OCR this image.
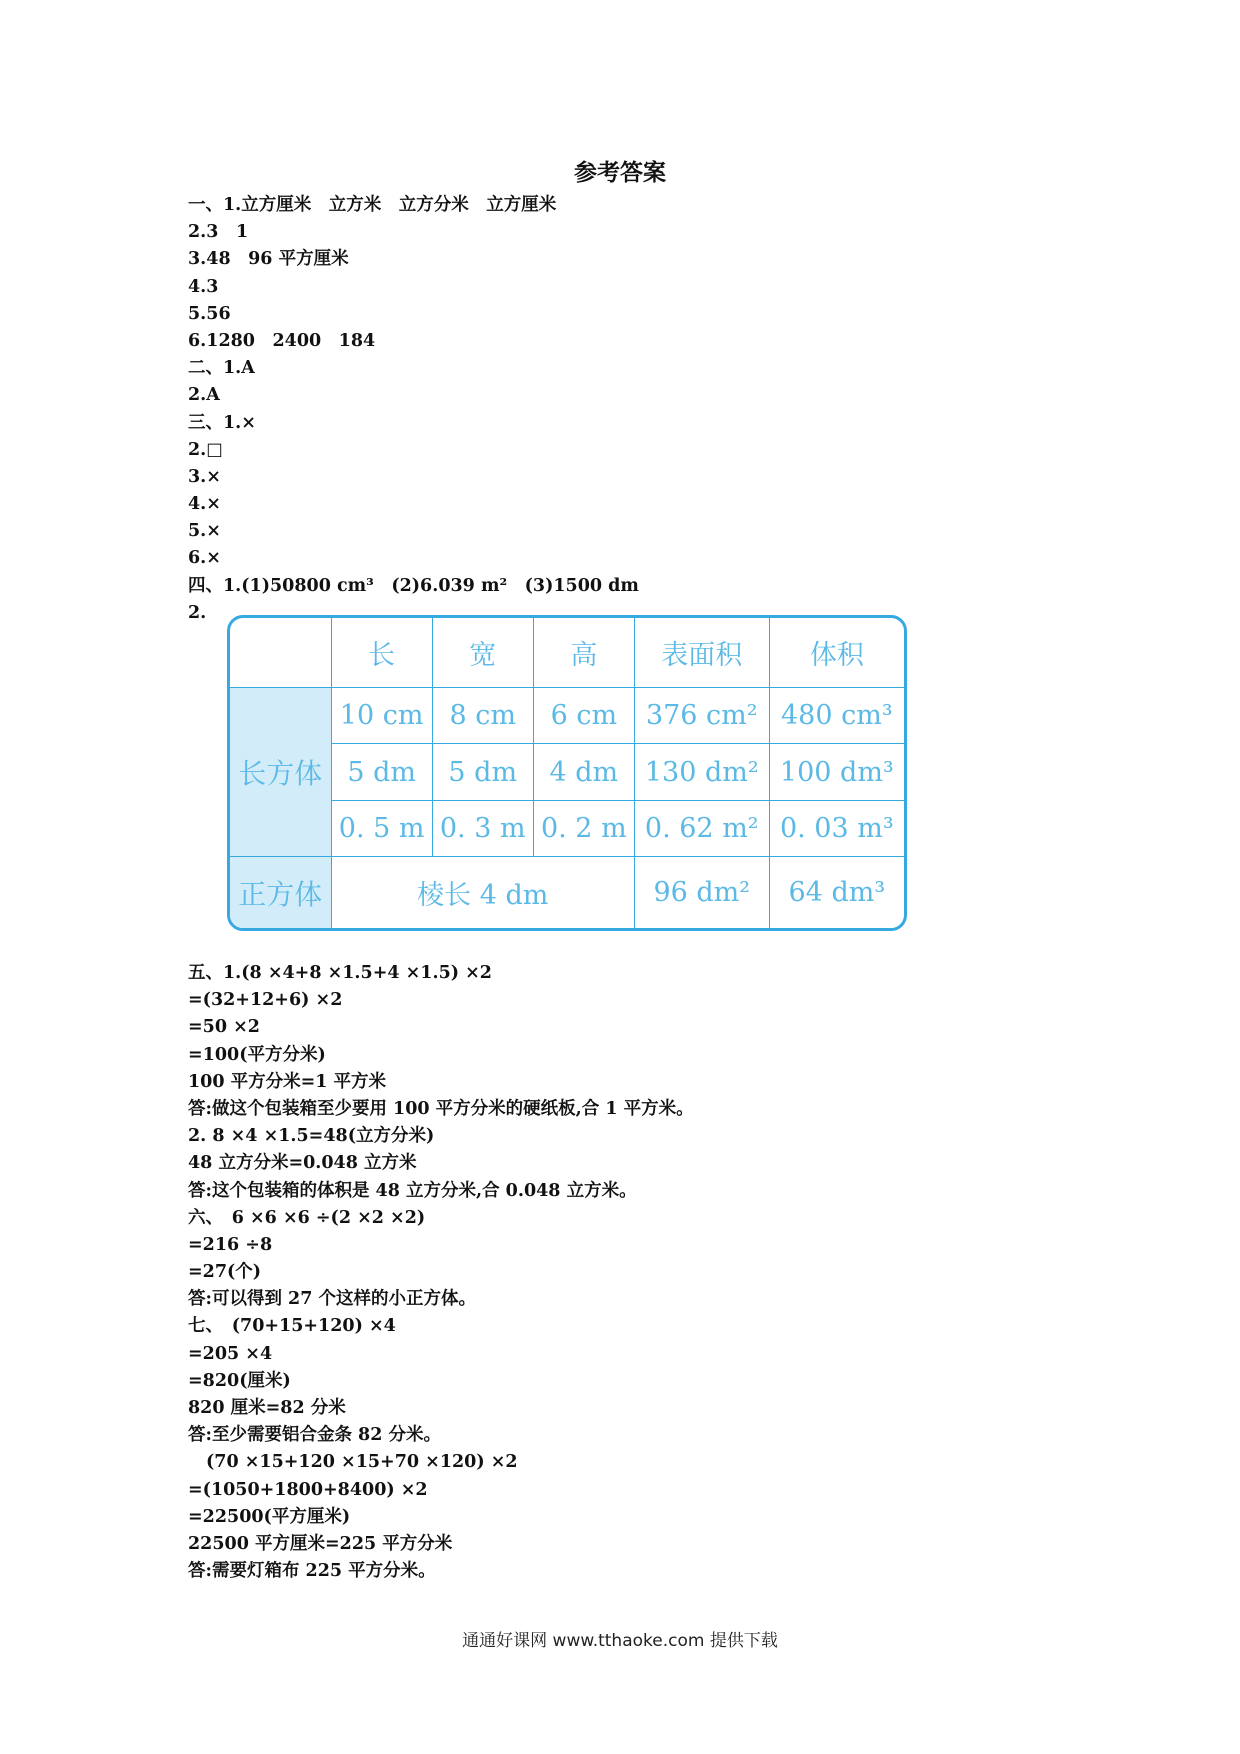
参考答案
一、1.立方厘米　立方米　立方分米　立方厘米
2.3　1
3.48　96 平方厘米
4.3
5.56
6.1280　2400　184
二、1.A
2.A
三、1.×
2.□
3.×
4.×
5.×
6.×
四、1.(1)50800 cm³　(2)6.039 m²　(3)1500 dm
2.
五、1.(8 ×4+8 ×1.5+4 ×1.5) ×2
=(32+12+6) ×2
=50 ×2
=100(平方分米)
100 平方分米=1 平方米
答:做这个包装箱至少要用 100 平方分米的硬纸板,合 1 平方米。
2. 8 ×4 ×1.5=48(立方分米)
48 立方分米=0.048 立方米
答:这个包装箱的体积是 48 立方分米,合 0.048 立方米。
六、　6 ×6 ×6 ÷(2 ×2 ×2)
=216 ÷8
=27(个)
答:可以得到 27 个这样的小正方体。
七、　(70+15+120) ×4
=205 ×4
=820(厘米)
820 厘米=82 分米
答:至少需要铝合金条 82 分米。
(70 ×15+120 ×15+70 ×120) ×2
=(1050+1800+8400) ×2
=22500(平方厘米)
22500 平方厘米=225 平方分米
答:需要灯箱布 225 平方分米。
	长	宽	高	表面积	体积
长方体	10 cm	8 cm	6 cm	376 cm²	480 cm³
	5 dm	5 dm	4 dm	130 dm²	100 dm³
	0. 5 m	0. 3 m	0. 2 m	0. 62 m²	0. 03 m³
正方体	棱长 4 dm			96 dm²	64 dm³
通通好课网 www.tthaoke.com 提供下载
